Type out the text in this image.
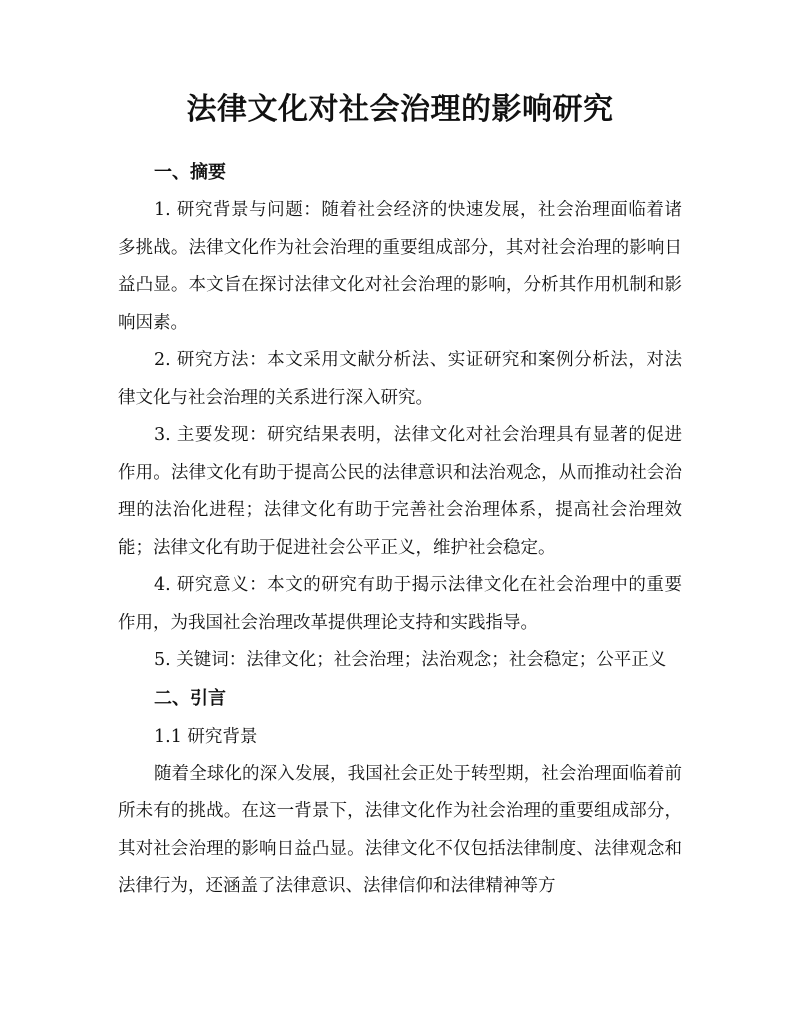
法律文化对社会治理的影响研究

一、摘要

1. 研究背景与问题：随着社会经济的快速发展，社会治理面临着诸多挑战。法律文化作为社会治理的重要组成部分，其对社会治理的影响日益凸显。本文旨在探讨法律文化对社会治理的影响，分析其作用机制和影响因素。

2. 研究方法：本文采用文献分析法、实证研究和案例分析法，对法律文化与社会治理的关系进行深入研究。

3. 主要发现：研究结果表明，法律文化对社会治理具有显著的促进作用。法律文化有助于提高公民的法律意识和法治观念，从而推动社会治理的法治化进程；法律文化有助于完善社会治理体系，提高社会治理效能；法律文化有助于促进社会公平正义，维护社会稳定。

4. 研究意义：本文的研究有助于揭示法律文化在社会治理中的重要作用，为我国社会治理改革提供理论支持和实践指导。

5. 关键词：法律文化；社会治理；法治观念；社会稳定；公平正义

二、引言

1.1 研究背景

随着全球化的深入发展，我国社会正处于转型期，社会治理面临着前所未有的挑战。在这一背景下，法律文化作为社会治理的重要组成部分，其对社会治理的影响日益凸显。法律文化不仅包括法律制度、法律观念和法律行为，还涵盖了法律意识、法律信仰和法律精神等方
